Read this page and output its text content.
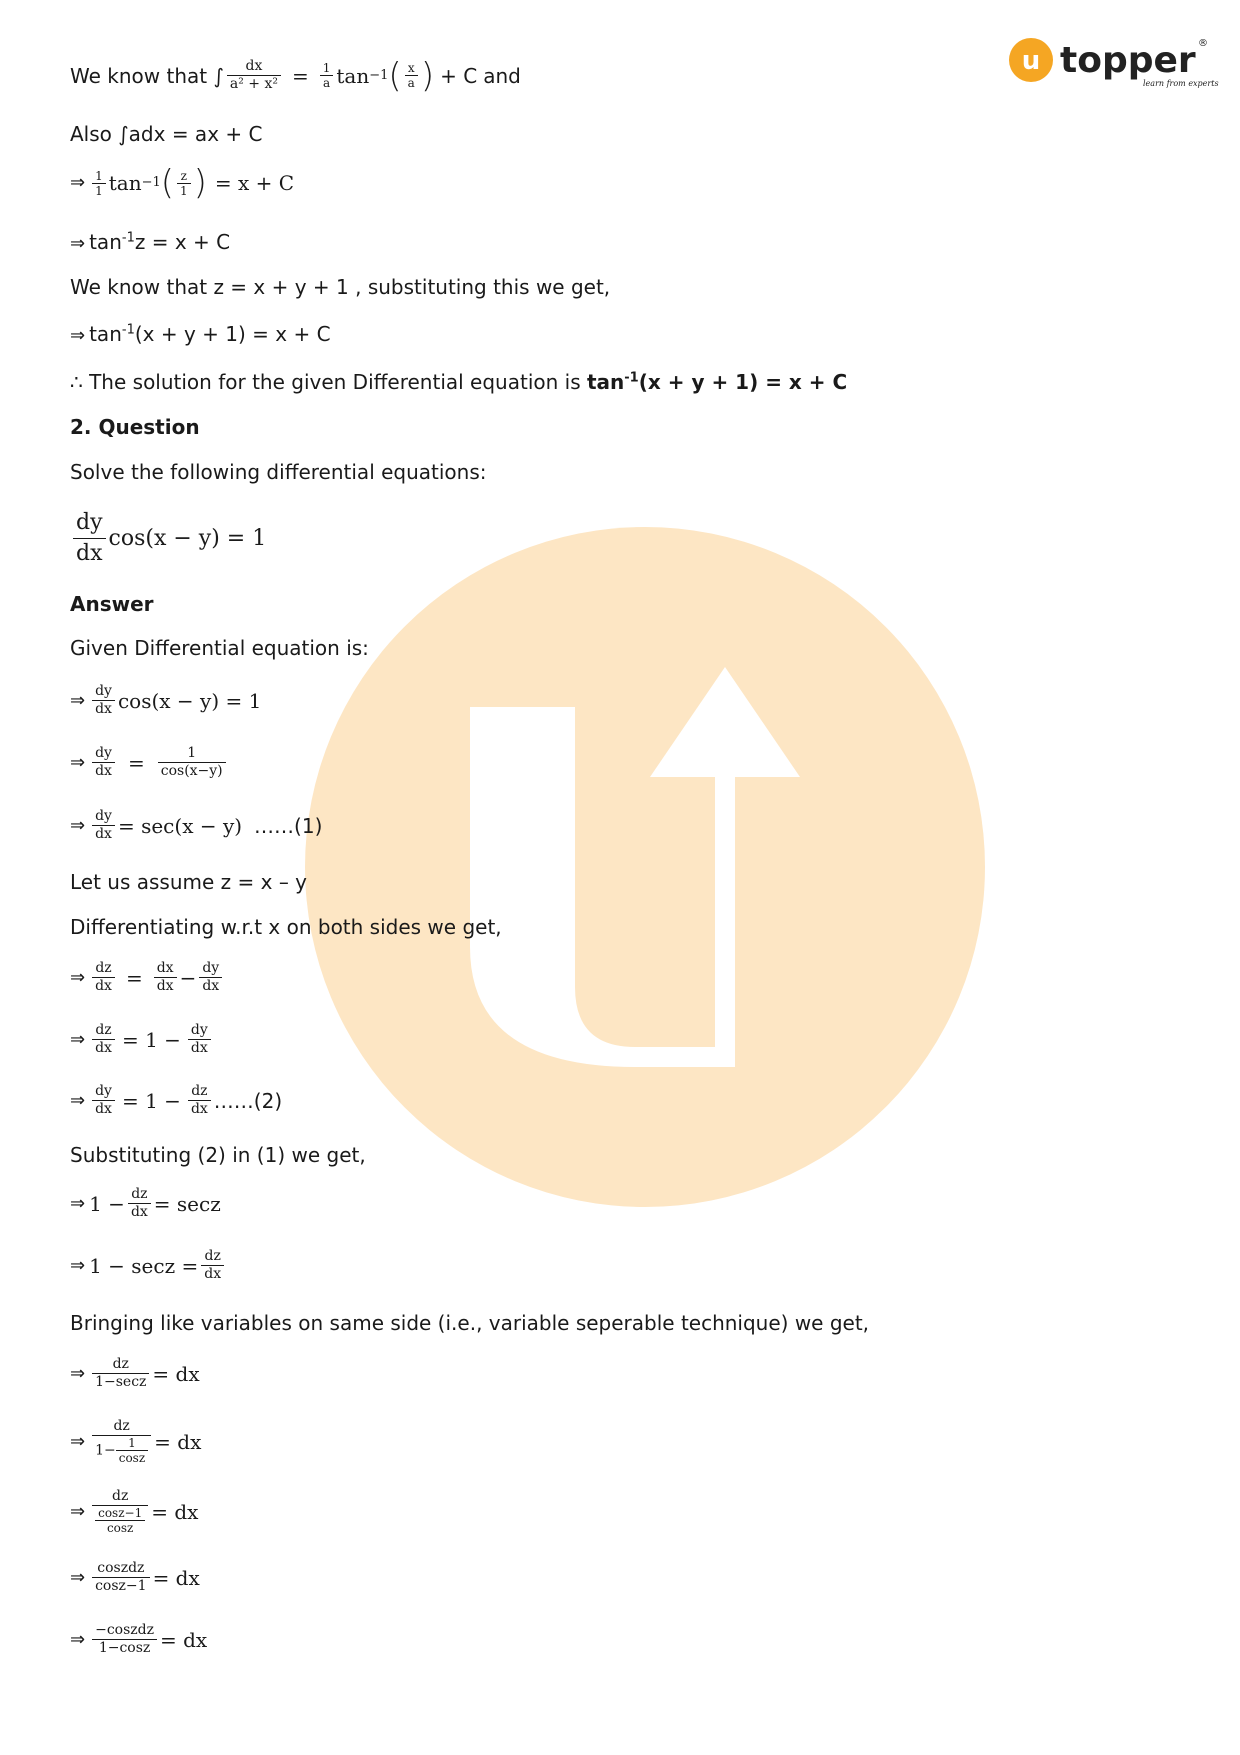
u topper ®
learn from experts
We know that ∫ $\frac{dx}{\text{a² + x²}} = \frac{1}{a}$ tan −1 ( $\frac{x}{a}$ ) + C and
Also ∫adx = ax + C
⇒ $\frac{1}{1}$ tan −1 ( $\frac{z}{1}$ ) = x + C
⇒ $\tan^{-1}z = x + C$
We know that z = x + y + 1 , substituting this we get,
⇒ $\tan^{-1}(x + y + 1) = x + C$
∴ The solution for the given Differential equation is $\tan^{-1}(x + y + 1) = x + C$
2. Question
Solve the following differential equations:
$\frac{dy}{dx} \cos(x - y) = 1$
Answer
Given Differential equation is:
⇒ $\frac{dy}{dx} \cos(x - y) = 1$
⇒ $\frac{dy}{dx} = \frac{1}{\cos(x-y)}$
⇒ $\frac{dy}{dx} = \sec(x - y)$ ……(1)
Let us assume z = x – y
Differentiating w.r.t x on both sides we get,
⇒ $\frac{dz}{dx} = \frac{dx}{dx} - \frac{dy}{dx}$
⇒ $\frac{dz}{dx} = 1 - \frac{dy}{dx}$
⇒ $\frac{dy}{dx} = 1 - \frac{dz}{dx}$ ……(2)
Substituting (2) in (1) we get,
⇒ $1 - \frac{dz}{dx} = \sec z$
⇒ $1 - \sec z = \frac{dz}{dx}$
Bringing like variables on same side (i.e., variable seperable technique) we get,
⇒ $\frac{dz}{1-\sec z}$ = dx
⇒ $\frac{dz}{1- \frac{1}{\cos z}}$ = dx
⇒ $\frac{dz}{\frac{\cos z-1}{\cos z}}$ = dx
⇒ $\frac{\text{coszdz}}{\cos z-1}$ = dx
⇒ $\frac{\text{−coszdz}}{1-\cos z}$ = dx
